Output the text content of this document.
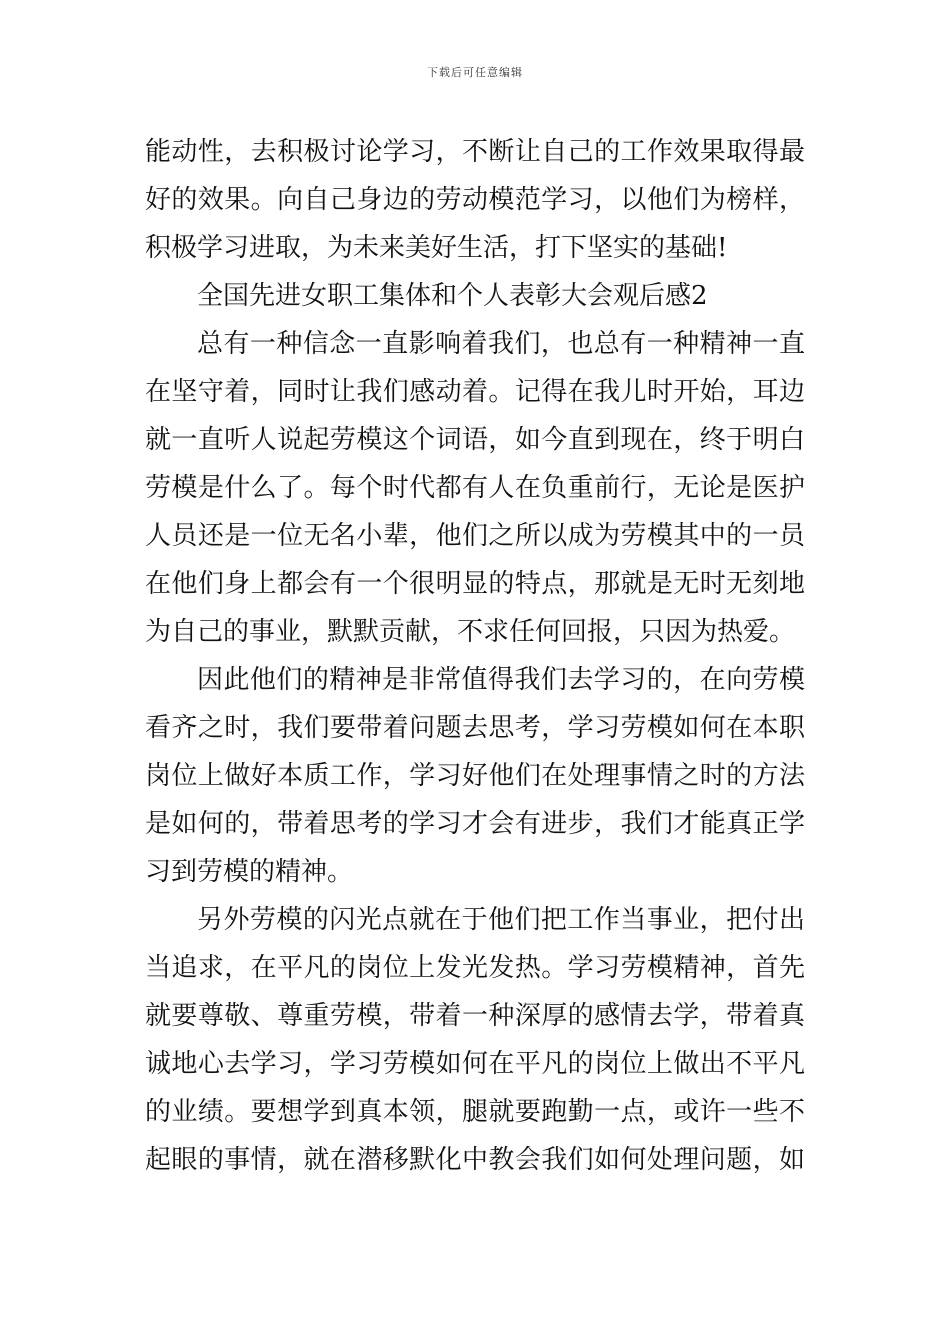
下载后可任意编辑
能动性，去积极讨论学习，不断让自己的工作效果取得最
好的效果。向自己身边的劳动模范学习，以他们为榜样，
积极学习进取，为未来美好生活，打下坚实的基础!
全国先进女职工集体和个人表彰大会观后感2
总有一种信念一直影响着我们，也总有一种精神一直
在坚守着，同时让我们感动着。记得在我儿时开始，耳边
就一直听人说起劳模这个词语，如今直到现在，终于明白
劳模是什么了。每个时代都有人在负重前行，无论是医护
人员还是一位无名小辈，他们之所以成为劳模其中的一员
在他们身上都会有一个很明显的特点，那就是无时无刻地
为自己的事业，默默贡献，不求任何回报，只因为热爱。
因此他们的精神是非常值得我们去学习的，在向劳模
看齐之时，我们要带着问题去思考，学习劳模如何在本职
岗位上做好本质工作，学习好他们在处理事情之时的方法
是如何的，带着思考的学习才会有进步，我们才能真正学
习到劳模的精神。
另外劳模的闪光点就在于他们把工作当事业，把付出
当追求，在平凡的岗位上发光发热。学习劳模精神，首先
就要尊敬、尊重劳模，带着一种深厚的感情去学，带着真
诚地心去学习，学习劳模如何在平凡的岗位上做出不平凡
的业绩。要想学到真本领，腿就要跑勤一点，或许一些不
起眼的事情，就在潜移默化中教会我们如何处理问题，如
